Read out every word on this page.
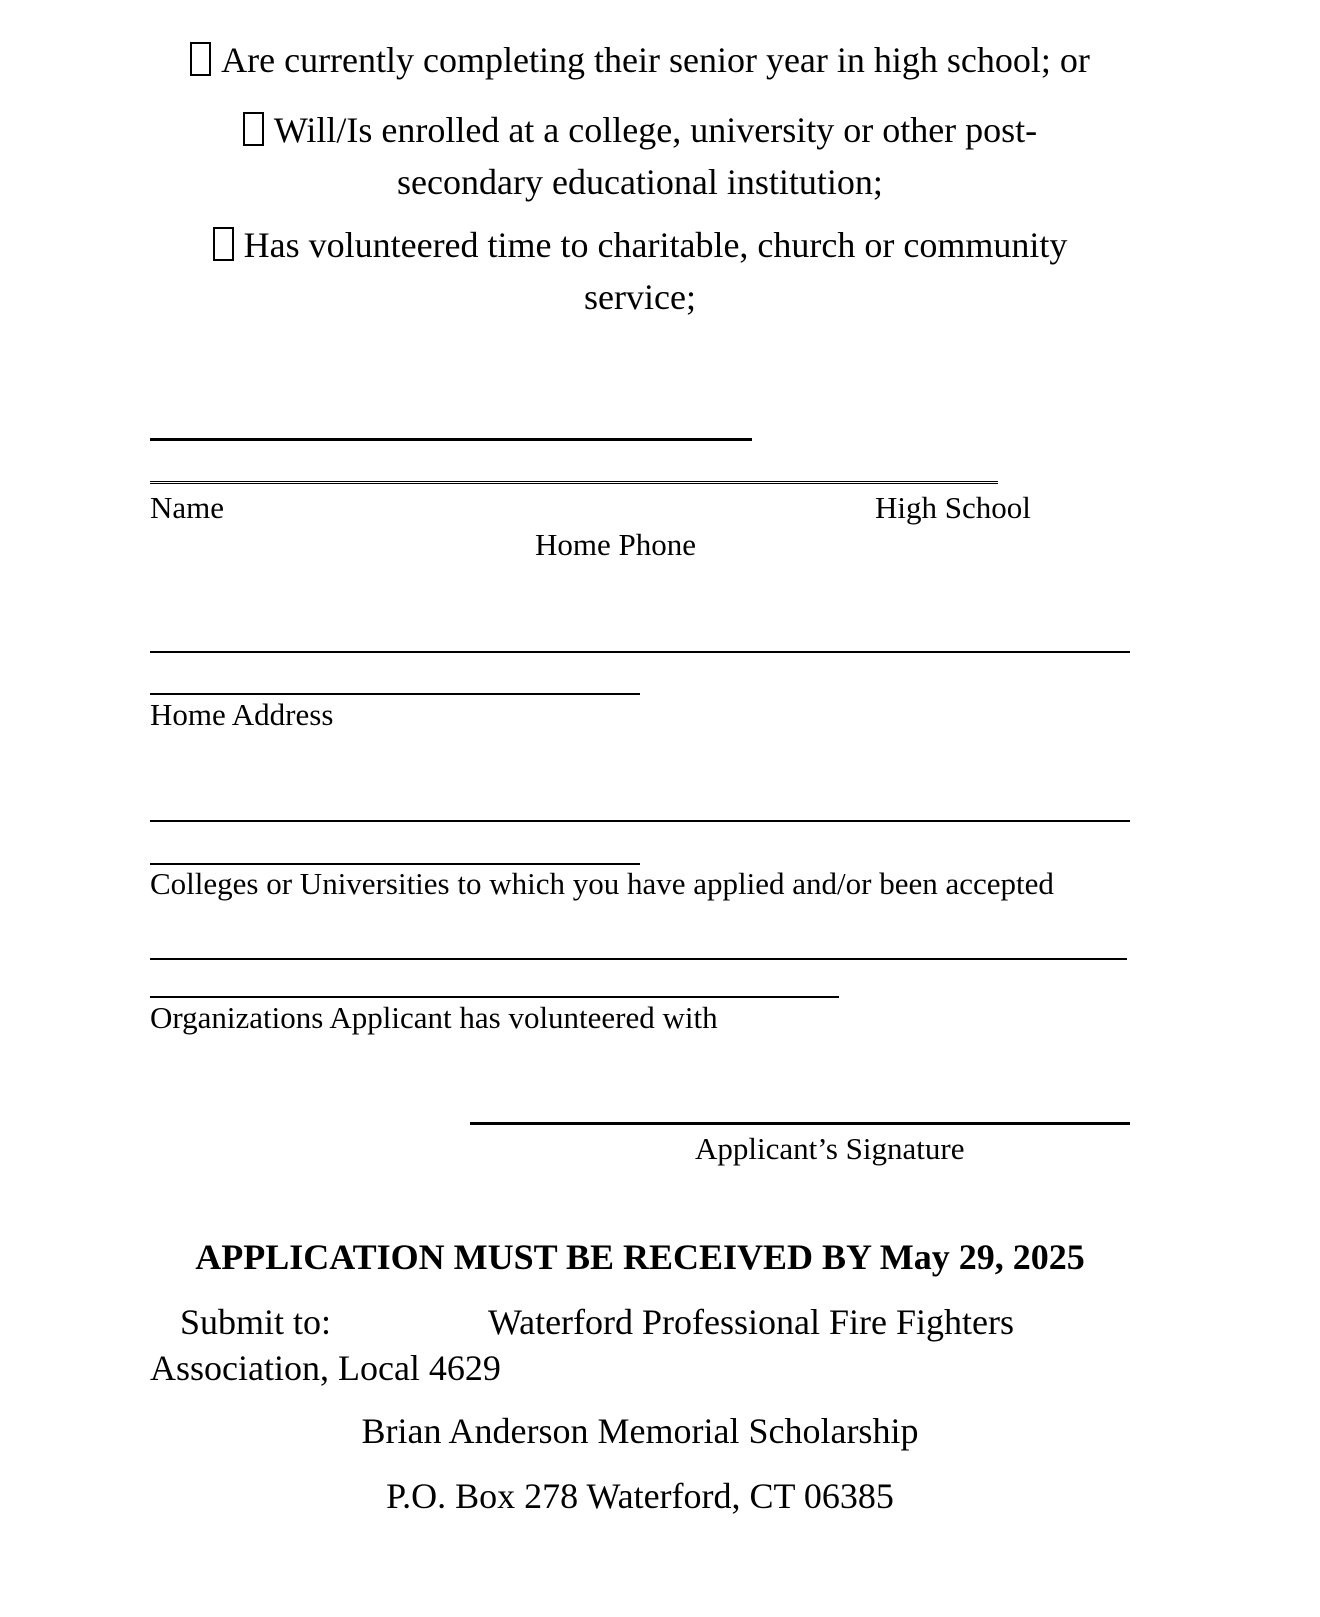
Are currently completing their senior year in high school; or
Will/Is enrolled at a college, university or other post-
secondary educational institution;
Has volunteered time to charitable, church or community
service;
Name	High School
Home Phone
Home Address
Colleges or Universities to which you have applied and/or been accepted
Organizations Applicant has volunteered with
Applicant’s Signature
APPLICATION MUST BE RECEIVED BY May 29, 2025
Submit to:	Waterford Professional Fire Fighters
Association, Local 4629
Brian Anderson Memorial Scholarship
P.O. Box 278 Waterford, CT 06385
